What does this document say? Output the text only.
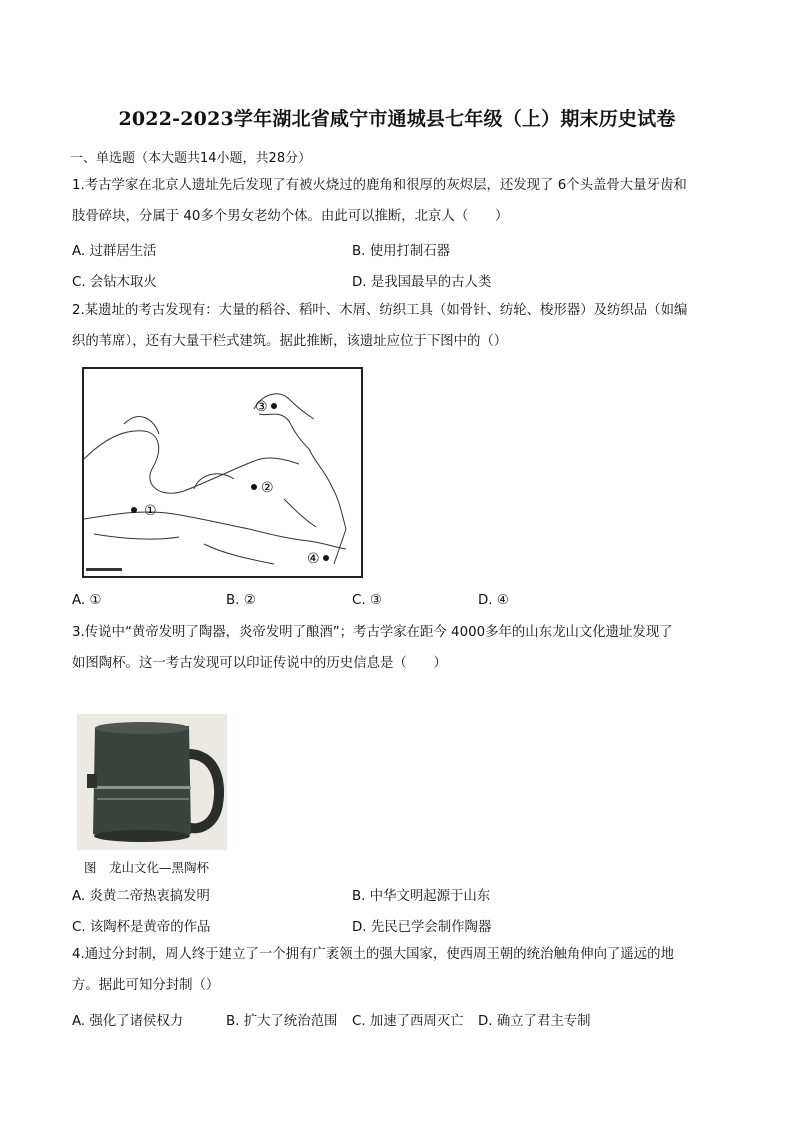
2022-2023学年湖北省咸宁市通城县七年级（上）期末历史试卷
一、单选题（本大题共14小题，共28分）
1.考古学家在北京人遗址先后发现了有被火烧过的鹿角和很厚的灰烬层，还发现了 6个头盖骨大量牙齿和
肢骨碎块，分属于 40多个男女老幼个体。由此可以推断，北京人（　　）
A. 过群居生活	B. 使用打制石器
C. 会钻木取火	D. 是我国最早的古人类
2.某遗址的考古发现有：大量的稻谷、稻叶、木屑、纺织工具（如骨针、纺轮、梭形器）及纺织品（如编
织的苇席），还有大量干栏式建筑。据此推断，该遗址应位于下图中的（）
①
②
③
④
A. ①	B. ②	C. ③	D. ④
3.传说中“黄帝发明了陶器，炎帝发明了酿酒”；考古学家在距今 4000多年的山东龙山文化遗址发现了
如图陶杯。这一考古发现可以印证传说中的历史信息是（　　）
图　龙山文化—黑陶杯
A. 炎黄二帝热衷搞发明	B. 中华文明起源于山东
C. 该陶杯是黄帝的作品	D. 先民已学会制作陶器
4.通过分封制，周人终于建立了一个拥有广袤领土的强大国家，使西周王朝的统治触角伸向了遥远的地
方。据此可知分封制（）
A. 强化了诸侯权力	B. 扩大了统治范围 C. 加速了西周灭亡 D. 确立了君主专制
